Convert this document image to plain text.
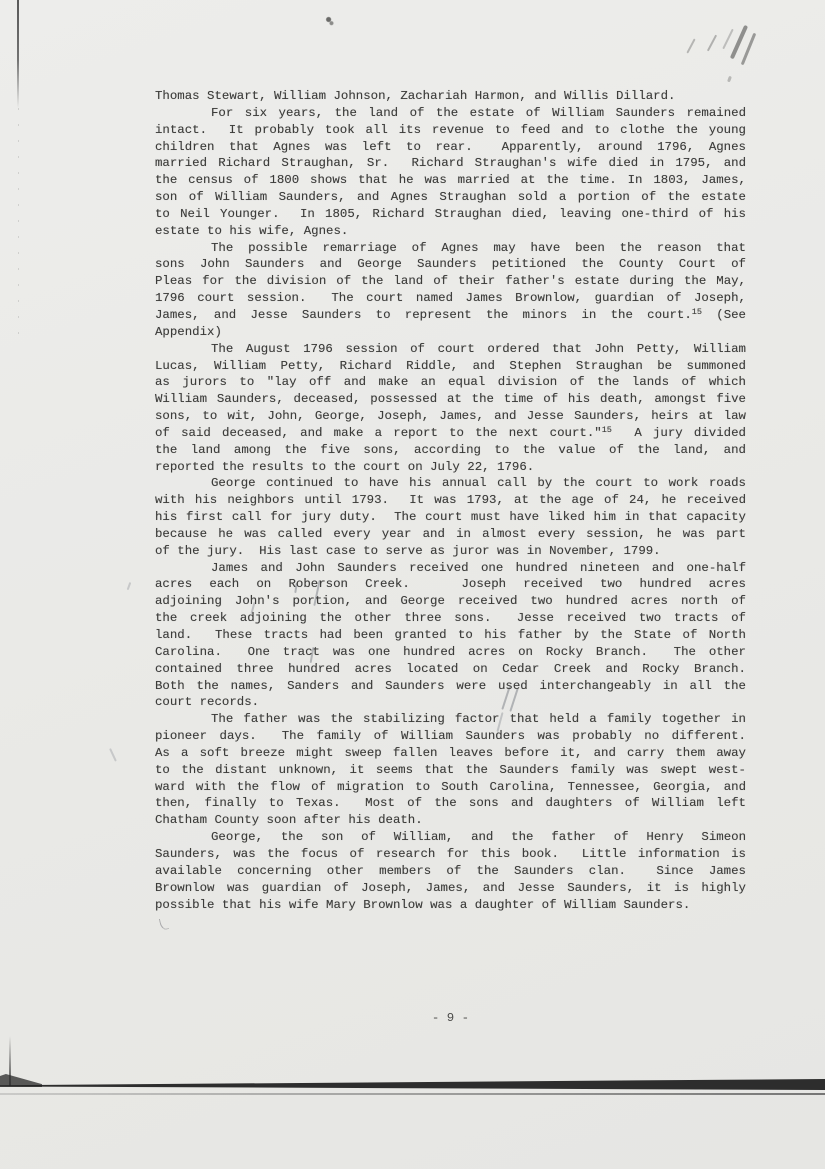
Thomas Stewart, William Johnson, Zachariah Harmon, and Willis Dillard.
For six years, the land of the estate of William Saunders remained
intact.  It probably took all its revenue to feed and to clothe the young
children that Agnes was left to rear.  Apparently, around 1796, Agnes
married Richard Straughan, Sr.  Richard Straughan's wife died in 1795, and
the census of 1800 shows that he was married at the time. In 1803, James,
son of William Saunders, and Agnes Straughan sold a portion of the estate
to Neil Younger.  In 1805, Richard Straughan died, leaving one-third of his
estate to his wife, Agnes.
The possible remarriage of Agnes may have been the reason that
sons John Saunders and George Saunders petitioned the County Court of
Pleas for the division of the land of their father's estate during the May,
1796 court session.  The court named James Brownlow, guardian of Joseph,
James, and Jesse Saunders to represent the minors in the court.$^{15}$ (See
Appendix)
The August 1796 session of court ordered that John Petty, William
Lucas, William Petty, Richard Riddle, and Stephen Straughan be summoned
as jurors to "lay off and make an equal division of the lands of which
William Saunders, deceased, possessed at the time of his death, amongst five
sons, to wit, John, George, Joseph, James, and Jesse Saunders, heirs at law
of said deceased, and make a report to the next court."$^{15}$  A jury divided
the land among the five sons, according to the value of the land, and
reported the results to the court on July 22, 1796.
George continued to have his annual call by the court to work roads
with his neighbors until 1793.  It was 1793, at the age of 24, he received
his first call for jury duty.  The court must have liked him in that capacity
because he was called every year and in almost every session, he was part
of the jury.  His last case to serve as juror was in November, 1799.
James and John Saunders received one hundred nineteen and one-half
acres each on Roberson Creek.   Joseph received two hundred acres
adjoining John's portion, and George received two hundred acres north of
the creek adjoining the other three sons.  Jesse received two tracts of
land.  These tracts had been granted to his father by the State of North
Carolina.  One tract was one hundred acres on Rocky Branch.  The other
contained three hundred acres located on Cedar Creek and Rocky Branch.
Both the names, Sanders and Saunders were used interchangeably in all the
court records.
The father was the stabilizing factor that held a family together in
pioneer days.  The family of William Saunders was probably no different.
As a soft breeze might sweep fallen leaves before it, and carry them away
to the distant unknown, it seems that the Saunders family was swept west-
ward with the flow of migration to South Carolina, Tennessee, Georgia, and
then, finally to Texas.  Most of the sons and daughters of William left
Chatham County soon after his death.
George, the son of William, and the father of Henry Simeon
Saunders, was the focus of research for this book.  Little information is
available concerning other members of the Saunders clan.  Since James
Brownlow was guardian of Joseph, James, and Jesse Saunders, it is highly
possible that his wife Mary Brownlow was a daughter of William Saunders.
- 9 -
